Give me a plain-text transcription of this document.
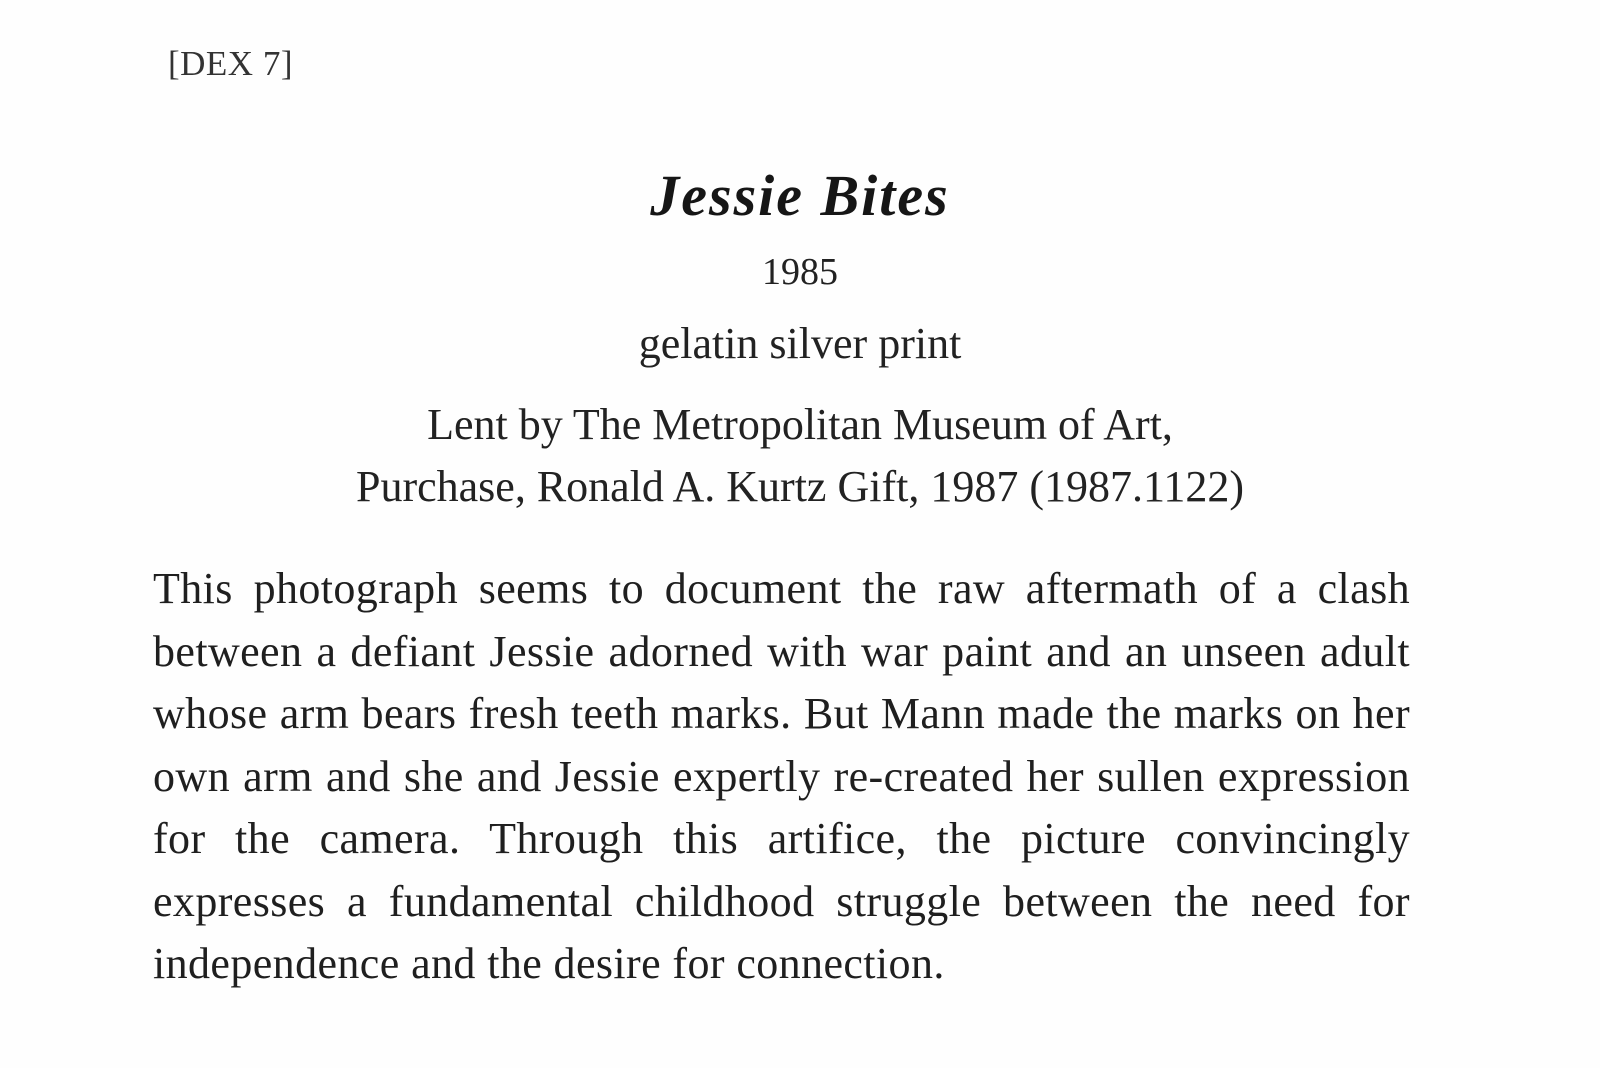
[DEX 7]
Jessie Bites
1985
gelatin silver print
Lent by The Metropolitan Museum of Art,
Purchase, Ronald A. Kurtz Gift, 1987 (1987.1122)

This photograph seems to document the raw aftermath of a clash between a defiant Jessie adorned with war paint and an unseen adult whose arm bears fresh teeth marks. But Mann made the marks on her own arm and she and Jessie expertly re-created her sullen expression for the camera. Through this artifice, the picture convincingly expresses a fundamental childhood struggle between the need for independence and the desire for connection.
